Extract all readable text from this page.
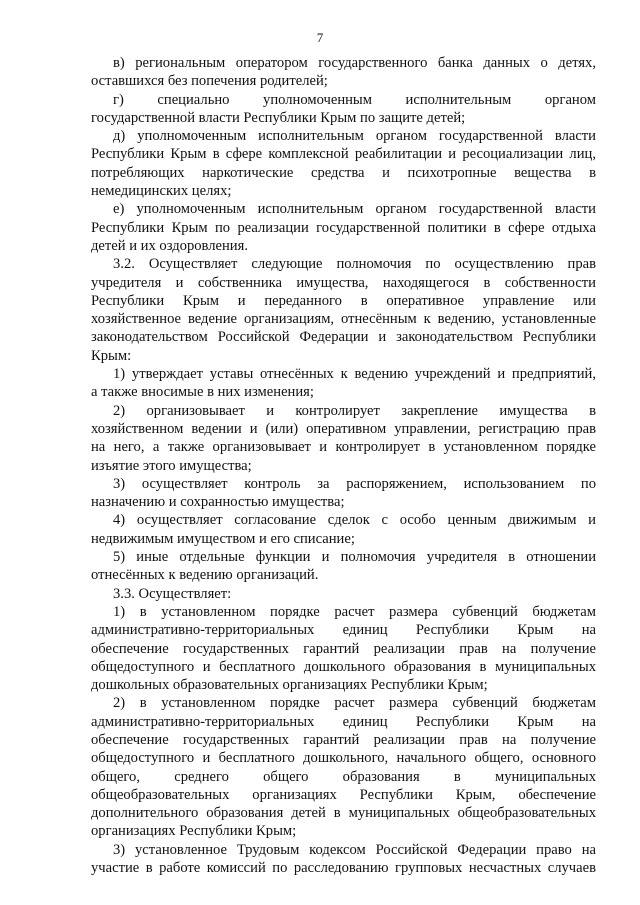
7
в) региональным оператором государственного банка данных о детях,
оставшихся без попечения родителей;
г) специально уполномоченным исполнительным органом
государственной власти Республики Крым по защите детей;
д) уполномоченным исполнительным органом государственной власти
Республики Крым в сфере комплексной реабилитации и ресоциализации лиц,
потребляющих наркотические средства и психотропные вещества в
немедицинских целях;
е) уполномоченным исполнительным органом государственной власти
Республики Крым по реализации государственной политики в сфере отдыха
детей и их оздоровления.
3.2. Осуществляет следующие полномочия по осуществлению прав
учредителя и собственника имущества, находящегося в собственности
Республики Крым и переданного в оперативное управление или
хозяйственное ведение организациям, отнесённым к ведению, установленные
законодательством Российской Федерации и законодательством Республики
Крым:
1) утверждает уставы отнесённых к ведению учреждений и предприятий,
а также вносимые в них изменения;
2) организовывает и контролирует закрепление имущества в
хозяйственном ведении и (или) оперативном управлении, регистрацию прав
на него, а также организовывает и контролирует в установленном порядке
изъятие этого имущества;
3) осуществляет контроль за распоряжением, использованием по
назначению и сохранностью имущества;
4) осуществляет согласование сделок с особо ценным движимым и
недвижимым имуществом и его списание;
5) иные отдельные функции и полномочия учредителя в отношении
отнесённых к ведению организаций.
3.3. Осуществляет:
1) в установленном порядке расчет размера субвенций бюджетам
административно-территориальных единиц Республики Крым на
обеспечение государственных гарантий реализации прав на получение
общедоступного и бесплатного дошкольного образования в муниципальных
дошкольных образовательных организациях Республики Крым;
2) в установленном порядке расчет размера субвенций бюджетам
административно-территориальных единиц Республики Крым на
обеспечение государственных гарантий реализации прав на получение
общедоступного и бесплатного дошкольного, начального общего, основного
общего, среднего общего образования в муниципальных
общеобразовательных организациях Республики Крым, обеспечение
дополнительного образования детей в муниципальных общеобразовательных
организациях Республики Крым;
3) установленное Трудовым кодексом Российской Федерации право на
участие в работе комиссий по расследованию групповых несчастных случаев
